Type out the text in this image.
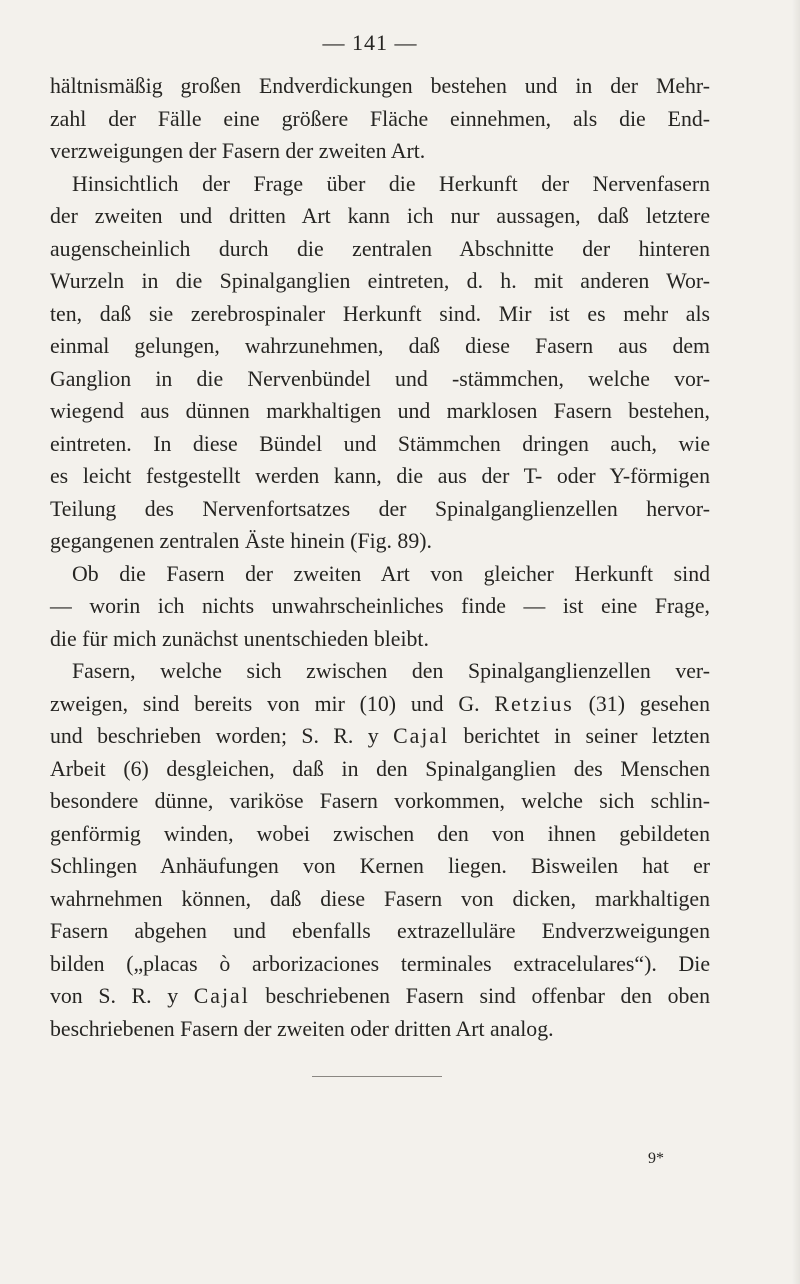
— 141 —
hältnismäßig großen Endverdickungen bestehen und in der Mehr-
zahl der Fälle eine größere Fläche einnehmen, als die End-
verzweigungen der Fasern der zweiten Art.
Hinsichtlich der Frage über die Herkunft der Nervenfasern
der zweiten und dritten Art kann ich nur aussagen, daß letztere
augenscheinlich durch die zentralen Abschnitte der hinteren
Wurzeln in die Spinalganglien eintreten, d. h. mit anderen Wor-
ten, daß sie zerebrospinaler Herkunft sind. Mir ist es mehr als
einmal gelungen, wahrzunehmen, daß diese Fasern aus dem
Ganglion in die Nervenbündel und -stämmchen, welche vor-
wiegend aus dünnen markhaltigen und marklosen Fasern bestehen,
eintreten. In diese Bündel und Stämmchen dringen auch, wie
es leicht festgestellt werden kann, die aus der T- oder Y-förmigen
Teilung des Nervenfortsatzes der Spinalganglienzellen hervor-
gegangenen zentralen Äste hinein (Fig. 89).
Ob die Fasern der zweiten Art von gleicher Herkunft sind
— worin ich nichts unwahrscheinliches finde — ist eine Frage,
die für mich zunächst unentschieden bleibt.
Fasern, welche sich zwischen den Spinalganglienzellen ver-
zweigen, sind bereits von mir (10) und G. Retzius (31) gesehen
und beschrieben worden; S. R. y Cajal berichtet in seiner letzten
Arbeit (6) desgleichen, daß in den Spinalganglien des Menschen
besondere dünne, variköse Fasern vorkommen, welche sich schlin-
genförmig winden, wobei zwischen den von ihnen gebildeten
Schlingen Anhäufungen von Kernen liegen. Bisweilen hat er
wahrnehmen können, daß diese Fasern von dicken, markhaltigen
Fasern abgehen und ebenfalls extrazelluläre Endverzweigungen
bilden („placas ò arborizaciones terminales extracelulares“). Die
von S. R. y Cajal beschriebenen Fasern sind offenbar den oben
beschriebenen Fasern der zweiten oder dritten Art analog.
9*
